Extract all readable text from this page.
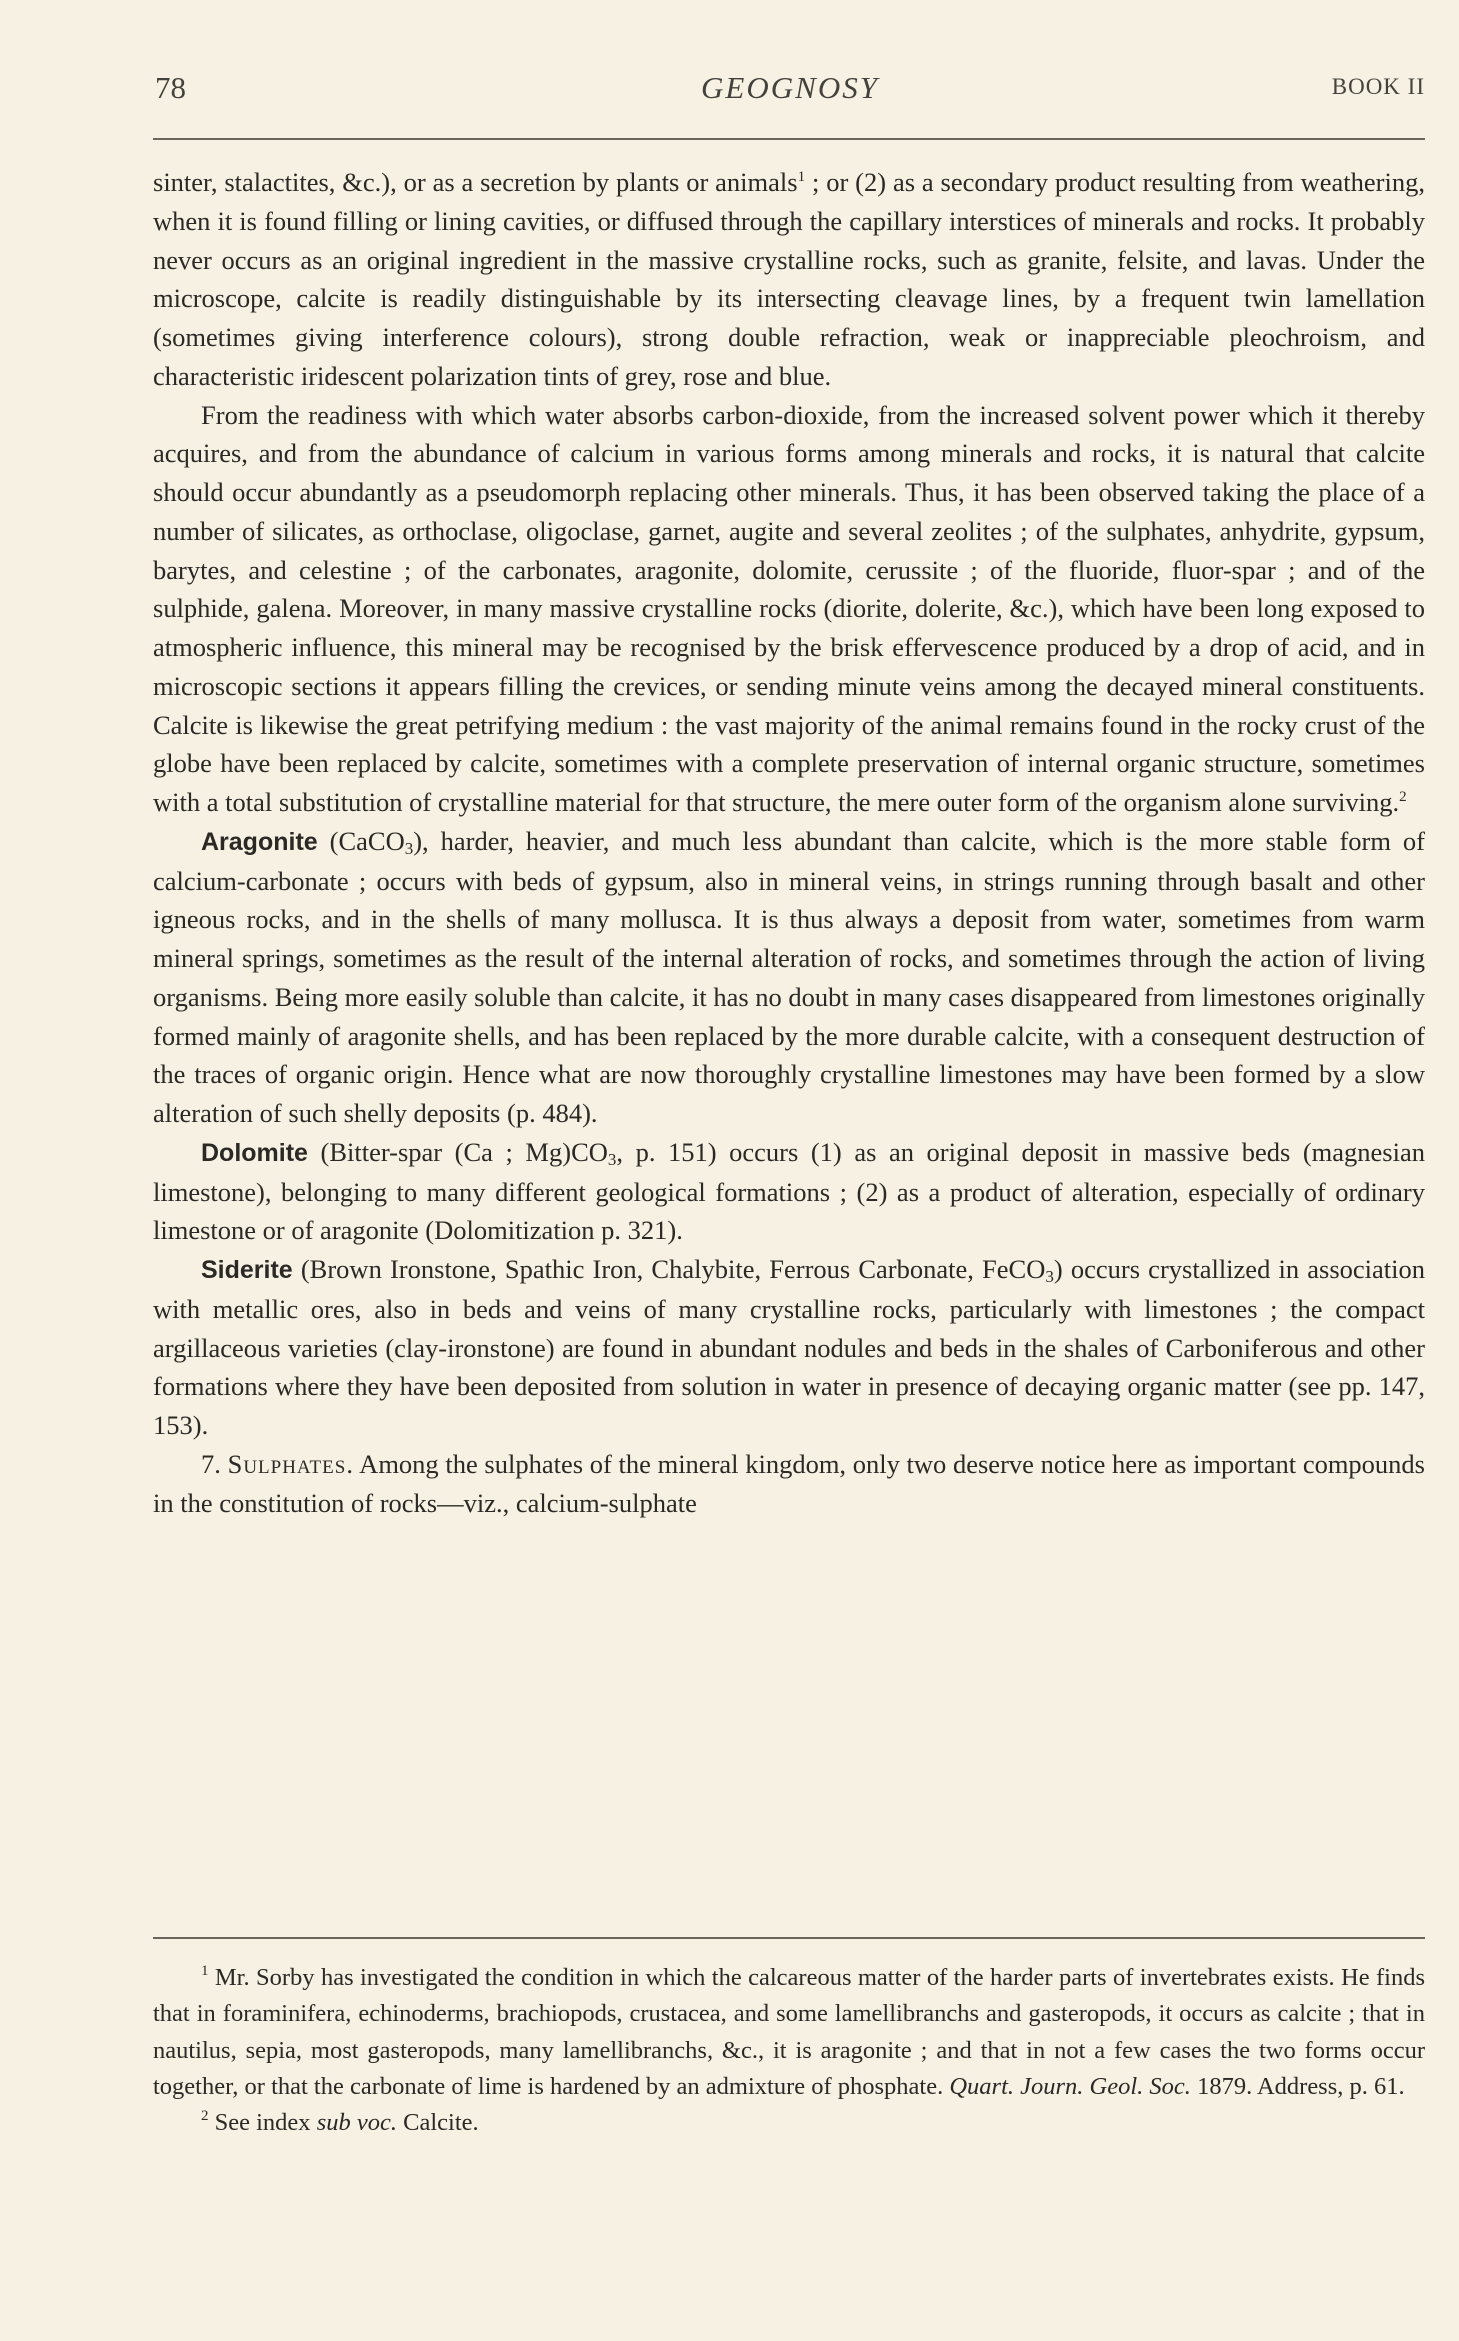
78	GEOGNOSY	BOOK II

sinter, stalactites, &c.), or as a secretion by plants or animals$^1$ ; or (2) as a secondary product resulting from weathering, when it is found filling or lining cavities, or diffused through the capillary interstices of minerals and rocks. It probably never occurs as an original ingredient in the massive crystalline rocks, such as granite, felsite, and lavas. Under the microscope, calcite is readily distinguishable by its intersecting cleavage lines, by a frequent twin lamellation (sometimes giving interference colours), strong double refraction, weak or inappreciable pleochroism, and characteristic iridescent polarization tints of grey, rose and blue.

From the readiness with which water absorbs carbon-dioxide, from the increased solvent power which it thereby acquires, and from the abundance of calcium in various forms among minerals and rocks, it is natural that calcite should occur abundantly as a pseudomorph replacing other minerals. Thus, it has been observed taking the place of a number of silicates, as orthoclase, oligoclase, garnet, augite and several zeolites ; of the sulphates, anhydrite, gypsum, barytes, and celestine ; of the carbonates, aragonite, dolomite, cerussite ; of the fluoride, fluor-spar ; and of the sulphide, galena. Moreover, in many massive crystalline rocks (diorite, dolerite, &c.), which have been long exposed to atmospheric influence, this mineral may be recognised by the brisk effervescence produced by a drop of acid, and in microscopic sections it appears filling the crevices, or sending minute veins among the decayed mineral constituents. Calcite is likewise the great petrifying medium : the vast majority of the animal remains found in the rocky crust of the globe have been replaced by calcite, sometimes with a complete preservation of internal organic structure, sometimes with a total substitution of crystalline material for that structure, the mere outer form of the organism alone surviving.$^2$

Aragonite (CaCO$_3$), harder, heavier, and much less abundant than calcite, which is the more stable form of calcium-carbonate ; occurs with beds of gypsum, also in mineral veins, in strings running through basalt and other igneous rocks, and in the shells of many mollusca. It is thus always a deposit from water, sometimes from warm mineral springs, sometimes as the result of the internal alteration of rocks, and sometimes through the action of living organisms. Being more easily soluble than calcite, it has no doubt in many cases disappeared from limestones originally formed mainly of aragonite shells, and has been replaced by the more durable calcite, with a consequent destruction of the traces of organic origin. Hence what are now thoroughly crystalline limestones may have been formed by a slow alteration of such shelly deposits (p. 484).

Dolomite (Bitter-spar (Ca ; $Mg)CO_3$, p. 151) occurs (1) as an original deposit in massive beds (magnesian limestone), belonging to many different geological formations ; (2) as a product of alteration, especially of ordinary limestone or of aragonite (Dolomitization p. 321).

Siderite (Brown Ironstone, Spathic Iron, Chalybite, Ferrous Carbonate, FeCO$_3$) occurs crystallized in association with metallic ores, also in beds and veins of many crystalline rocks, particularly with limestones ; the compact argillaceous varieties (clay-ironstone) are found in abundant nodules and beds in the shales of Carboniferous and other formations where they have been deposited from solution in water in presence of decaying organic matter (see pp. 147, 153).

7. Sulphates. Among the sulphates of the mineral kingdom, only two deserve notice here as important compounds in the constitution of rocks—viz., calcium-sulphate

$^1$ Mr. Sorby has investigated the condition in which the calcareous matter of the harder parts of invertebrates exists. He finds that in foraminifera, echinoderms, brachiopods, crustacea, and some lamellibranchs and gasteropods, it occurs as calcite ; that in nautilus, sepia, most gasteropods, many lamellibranchs, &c., it is aragonite ; and that in not a few cases the two forms occur together, or that the carbonate of lime is hardened by an admixture of phosphate. Quart. Journ. Geol. Soc. 1879. Address, p. 61.

$^2$ See index sub voc. Calcite.
